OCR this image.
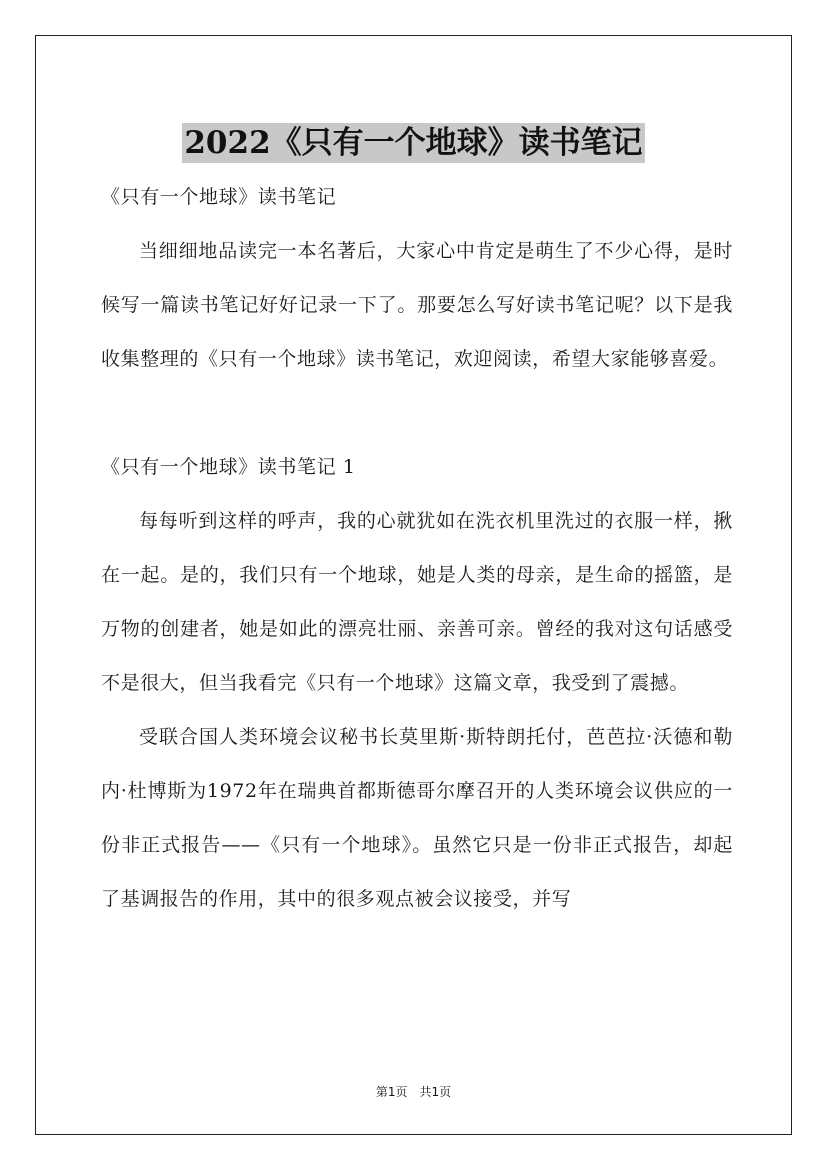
2022《只有一个地球》读书笔记

《只有一个地球》读书笔记

当细细地品读完一本名著后，大家心中肯定是萌生了不少心得，是时候写一篇读书笔记好好记录一下了。那要怎么写好读书笔记呢？以下是我收集整理的《只有一个地球》读书笔记，欢迎阅读，希望大家能够喜爱。

《只有一个地球》读书笔记 1

每每听到这样的呼声，我的心就犹如在洗衣机里洗过的衣服一样，揪在一起。是的，我们只有一个地球，她是人类的母亲，是生命的摇篮，是万物的创建者，她是如此的漂亮壮丽、亲善可亲。曾经的我对这句话感受不是很大，但当我看完《只有一个地球》这篇文章，我受到了震撼。

受联合国人类环境会议秘书长莫里斯·斯特朗托付，芭芭拉·沃德和勒内·杜博斯为1972年在瑞典首都斯德哥尔摩召开的人类环境会议供应的一份非正式报告——《只有一个地球》。虽然它只是一份非正式报告，却起了基调报告的作用，其中的很多观点被会议接受，并写

第1页　共1页
